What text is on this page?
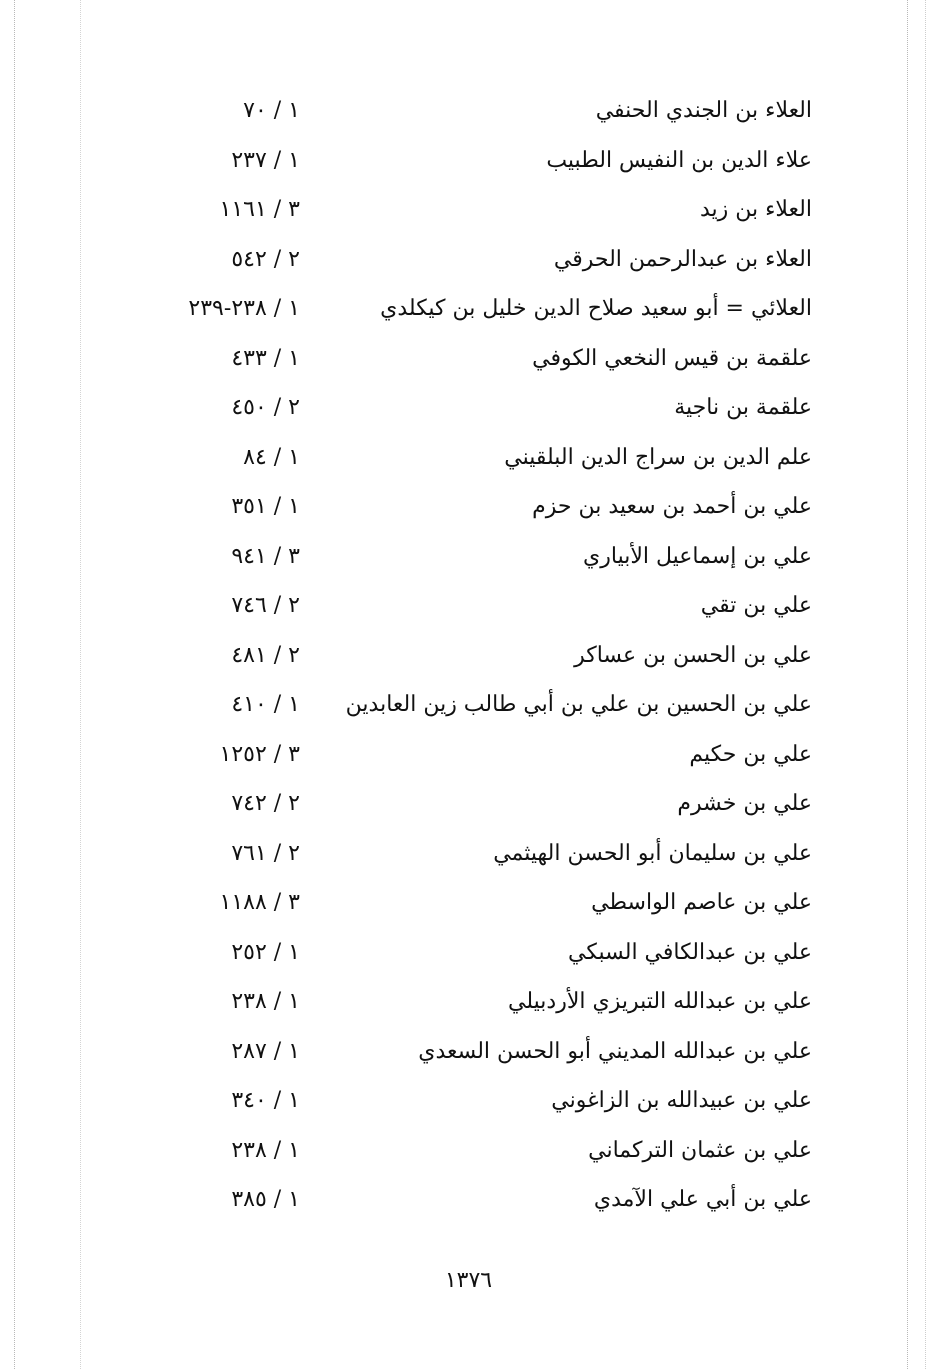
العلاء بن الجندي الحنفي
١ / ٧٠
علاء الدين بن النفيس الطبيب
١ / ٢٣٧
العلاء بن زيد
٣ / ١١٦١
العلاء بن عبدالرحمن الحرقي
٢ / ٥٤٢
العلائي = أبو سعيد صلاح الدين خليل بن كيكلدي
١ / ٢٣٨-٢٣٩
علقمة بن قيس النخعي الكوفي
١ / ٤٣٣
علقمة بن ناجية
٢ / ٤٥٠
علم الدين بن سراج الدين البلقيني
١ / ٨٤
علي بن أحمد بن سعيد بن حزم
١ / ٣٥١
علي بن إسماعيل الأبياري
٣ / ٩٤١
علي بن تقي
٢ / ٧٤٦
علي بن الحسن بن عساكر
٢ / ٤٨١
علي بن الحسين بن علي بن أبي طالب زين العابدين
١ / ٤١٠
علي بن حكيم
٣ / ١٢٥٢
علي بن خشرم
٢ / ٧٤٢
علي بن سليمان أبو الحسن الهيثمي
٢ / ٧٦١
علي بن عاصم الواسطي
٣ / ١١٨٨
علي بن عبدالكافي السبكي
١ / ٢٥٢
علي بن عبدالله التبريزي الأردبيلي
١ / ٢٣٨
علي بن عبدالله المديني أبو الحسن السعدي
١ / ٢٨٧
علي بن عبيدالله بن الزاغوني
١ / ٣٤٠
علي بن عثمان التركماني
١ / ٢٣٨
علي بن أبي علي الآمدي
١ / ٣٨٥
١٣٧٦
